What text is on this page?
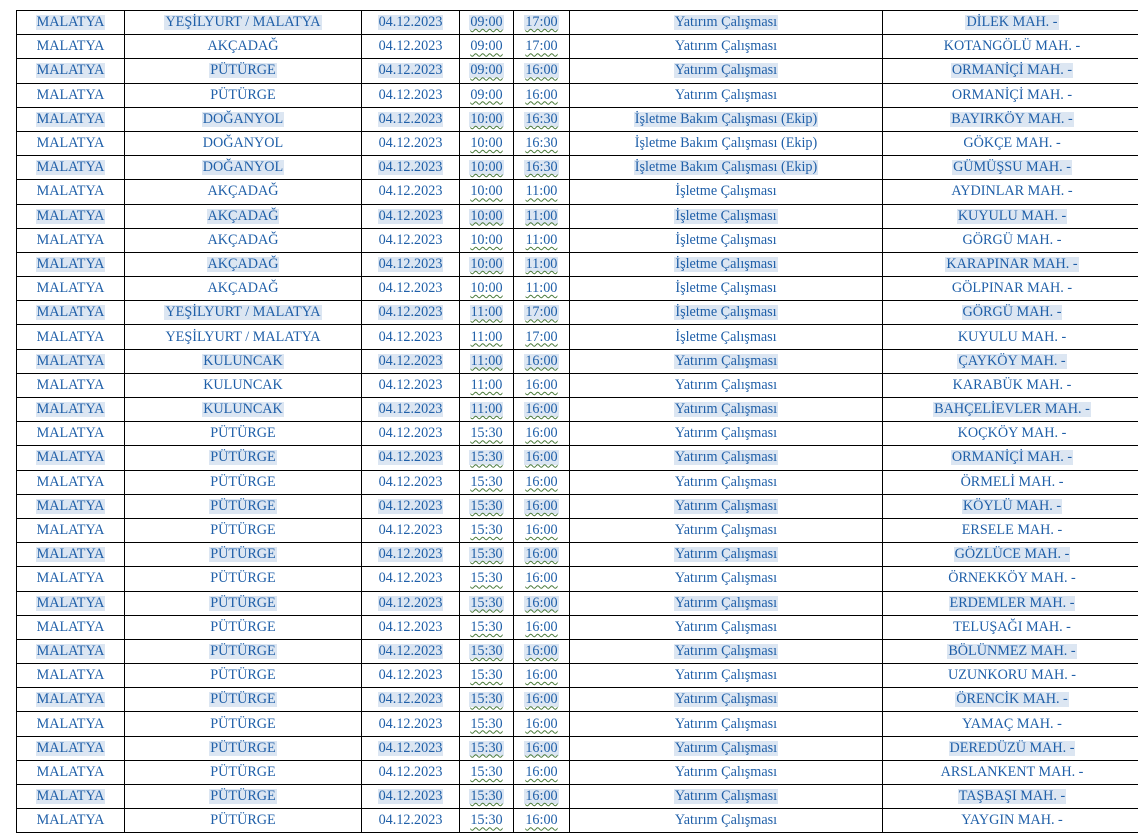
MALATYA	YEŞİLYURT / MALATYA	04.12.2023	09:00	17:00	Yatırım Çalışması	DİLEK MAH. -
MALATYA	AKÇADAĞ	04.12.2023	09:00	17:00	Yatırım Çalışması	KOTANGÖLÜ MAH. -
MALATYA	PÜTÜRGE	04.12.2023	09:00	16:00	Yatırım Çalışması	ORMANİÇİ MAH. -
MALATYA	PÜTÜRGE	04.12.2023	09:00	16:00	Yatırım Çalışması	ORMANİÇİ MAH. -
MALATYA	DOĞANYOL	04.12.2023	10:00	16:30	İşletme Bakım Çalışması (Ekip)	BAYIRKÖY MAH. -
MALATYA	DOĞANYOL	04.12.2023	10:00	16:30	İşletme Bakım Çalışması (Ekip)	GÖKÇE MAH. -
MALATYA	DOĞANYOL	04.12.2023	10:00	16:30	İşletme Bakım Çalışması (Ekip)	GÜMÜŞSU MAH. -
MALATYA	AKÇADAĞ	04.12.2023	10:00	11:00	İşletme Çalışması	AYDINLAR MAH. -
MALATYA	AKÇADAĞ	04.12.2023	10:00	11:00	İşletme Çalışması	KUYULU MAH. -
MALATYA	AKÇADAĞ	04.12.2023	10:00	11:00	İşletme Çalışması	GÖRGÜ MAH. -
MALATYA	AKÇADAĞ	04.12.2023	10:00	11:00	İşletme Çalışması	KARAPINAR MAH. -
MALATYA	AKÇADAĞ	04.12.2023	10:00	11:00	İşletme Çalışması	GÖLPINAR MAH. -
MALATYA	YEŞİLYURT / MALATYA	04.12.2023	11:00	17:00	İşletme Çalışması	GÖRGÜ MAH. -
MALATYA	YEŞİLYURT / MALATYA	04.12.2023	11:00	17:00	İşletme Çalışması	KUYULU MAH. -
MALATYA	KULUNCAK	04.12.2023	11:00	16:00	Yatırım Çalışması	ÇAYKÖY MAH. -
MALATYA	KULUNCAK	04.12.2023	11:00	16:00	Yatırım Çalışması	KARABÜK MAH. -
MALATYA	KULUNCAK	04.12.2023	11:00	16:00	Yatırım Çalışması	BAHÇELİEVLER MAH. -
MALATYA	PÜTÜRGE	04.12.2023	15:30	16:00	Yatırım Çalışması	KOÇKÖY MAH. -
MALATYA	PÜTÜRGE	04.12.2023	15:30	16:00	Yatırım Çalışması	ORMANİÇİ MAH. -
MALATYA	PÜTÜRGE	04.12.2023	15:30	16:00	Yatırım Çalışması	ÖRMELİ MAH. -
MALATYA	PÜTÜRGE	04.12.2023	15:30	16:00	Yatırım Çalışması	KÖYLÜ MAH. -
MALATYA	PÜTÜRGE	04.12.2023	15:30	16:00	Yatırım Çalışması	ERSELE MAH. -
MALATYA	PÜTÜRGE	04.12.2023	15:30	16:00	Yatırım Çalışması	GÖZLÜCE MAH. -
MALATYA	PÜTÜRGE	04.12.2023	15:30	16:00	Yatırım Çalışması	ÖRNEKKÖY MAH. -
MALATYA	PÜTÜRGE	04.12.2023	15:30	16:00	Yatırım Çalışması	ERDEMLER MAH. -
MALATYA	PÜTÜRGE	04.12.2023	15:30	16:00	Yatırım Çalışması	TELUŞAĞI MAH. -
MALATYA	PÜTÜRGE	04.12.2023	15:30	16:00	Yatırım Çalışması	BÖLÜNMEZ MAH. -
MALATYA	PÜTÜRGE	04.12.2023	15:30	16:00	Yatırım Çalışması	UZUNKORU MAH. -
MALATYA	PÜTÜRGE	04.12.2023	15:30	16:00	Yatırım Çalışması	ÖRENCİK MAH. -
MALATYA	PÜTÜRGE	04.12.2023	15:30	16:00	Yatırım Çalışması	YAMAÇ MAH. -
MALATYA	PÜTÜRGE	04.12.2023	15:30	16:00	Yatırım Çalışması	DEREDÜZÜ MAH. -
MALATYA	PÜTÜRGE	04.12.2023	15:30	16:00	Yatırım Çalışması	ARSLANKENT MAH. -
MALATYA	PÜTÜRGE	04.12.2023	15:30	16:00	Yatırım Çalışması	TAŞBAŞI MAH. -
MALATYA	PÜTÜRGE	04.12.2023	15:30	16:00	Yatırım Çalışması	YAYGIN MAH. -
